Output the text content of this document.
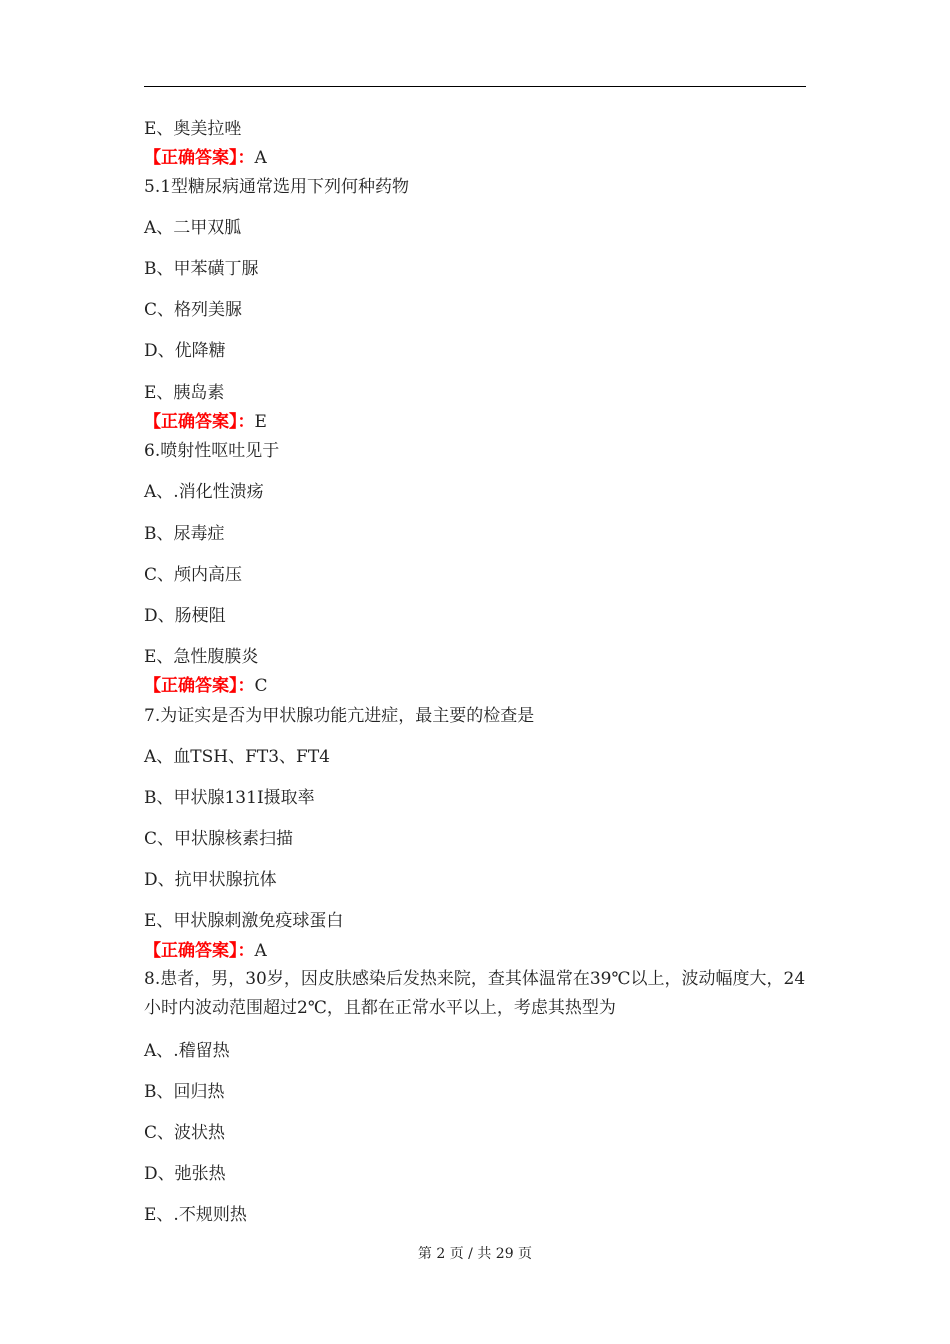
E、奥美拉唑
【正确答案】：A
5.1型糖尿病通常选用下列何种药物
A、二甲双胍
B、甲苯磺丁脲
C、格列美脲
D、优降糖
E、胰岛素
【正确答案】：E
6.喷射性呕吐见于
A、.消化性溃疡
B、尿毒症
C、颅内高压
D、肠梗阻
E、急性腹膜炎
【正确答案】：C
7.为证实是否为甲状腺功能亢进症，最主要的检查是
A、血TSH、FT3、FT4
B、甲状腺131I摄取率
C、甲状腺核素扫描
D、抗甲状腺抗体
E、甲状腺刺激免疫球蛋白
【正确答案】：A
8.患者，男，30岁，因皮肤感染后发热来院，查其体温常在39℃以上，波动幅度大，24小时内波动范围超过2℃，且都在正常水平以上，考虑其热型为
A、.稽留热
B、回归热
C、波状热
D、弛张热
E、.不规则热
第 2 页 / 共 29 页
